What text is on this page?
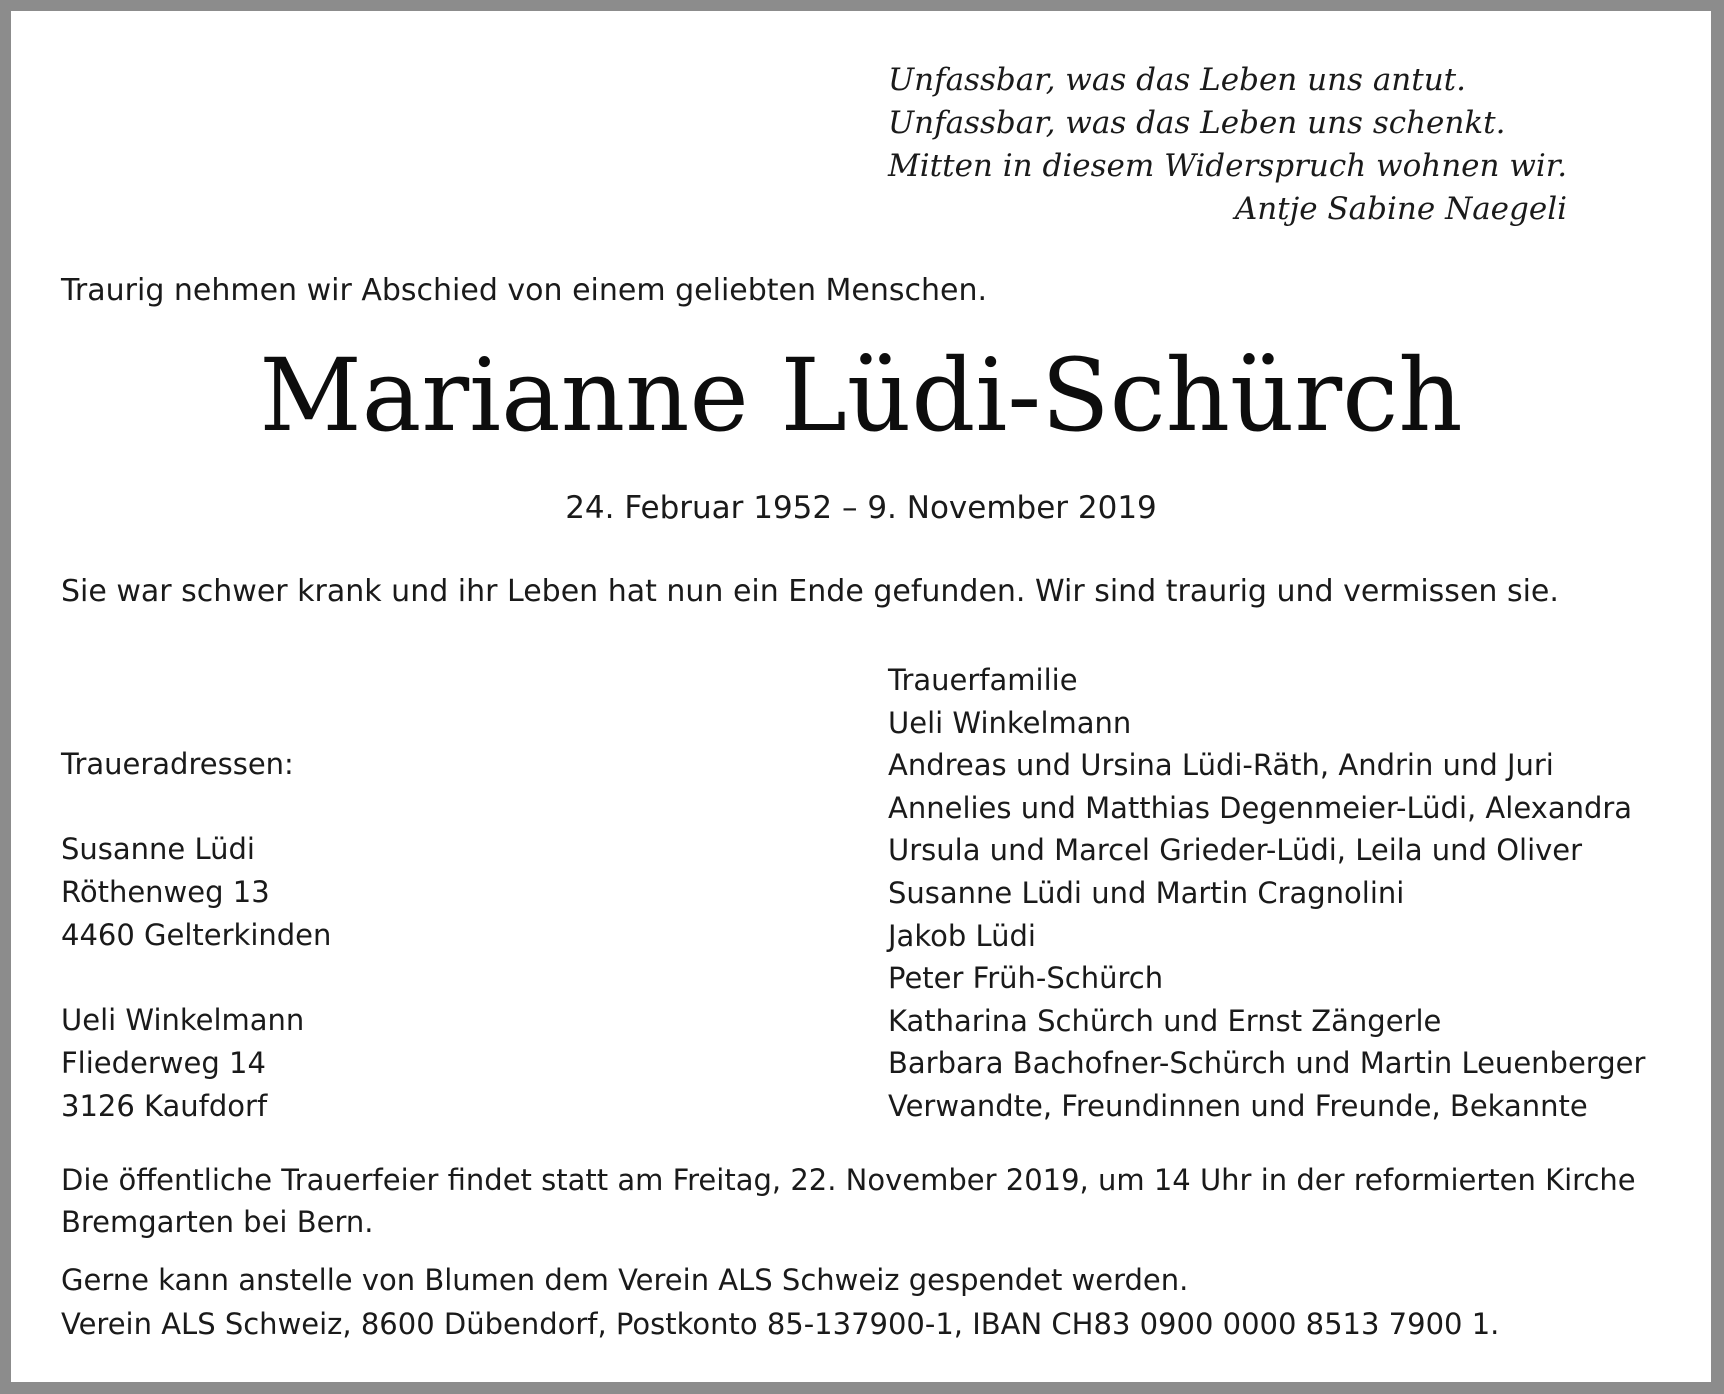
Unfassbar, was das Leben uns antut.
Unfassbar, was das Leben uns schenkt.
Mitten in diesem Widerspruch wohnen wir.
Antje Sabine Naegeli
Traurig nehmen wir Abschied von einem geliebten Menschen.
Marianne Lüdi-Schürch
24. Februar 1952 – 9. November 2019
Sie war schwer krank und ihr Leben hat nun ein Ende gefunden. Wir sind traurig und vermissen sie.
Traueradressen:
Susanne Lüdi
Röthenweg 13
4460 Gelterkinden
Ueli Winkelmann
Fliederweg 14
3126 Kaufdorf
Trauerfamilie
Ueli Winkelmann
Andreas und Ursina Lüdi-Räth, Andrin und Juri
Annelies und Matthias Degenmeier-Lüdi, Alexandra
Ursula und Marcel Grieder-Lüdi, Leila und Oliver
Susanne Lüdi und Martin Cragnolini
Jakob Lüdi
Peter Früh-Schürch
Katharina Schürch und Ernst Zängerle
Barbara Bachofner-Schürch und Martin Leuenberger
Verwandte, Freundinnen und Freunde, Bekannte
Die öffentliche Trauerfeier findet statt am Freitag, 22. November 2019, um 14 Uhr in der reformierten Kirche
Bremgarten bei Bern.
Gerne kann anstelle von Blumen dem Verein ALS Schweiz gespendet werden.
Verein ALS Schweiz, 8600 Dübendorf, Postkonto 85-137900-1, IBAN CH83 0900 0000 8513 7900 1.
